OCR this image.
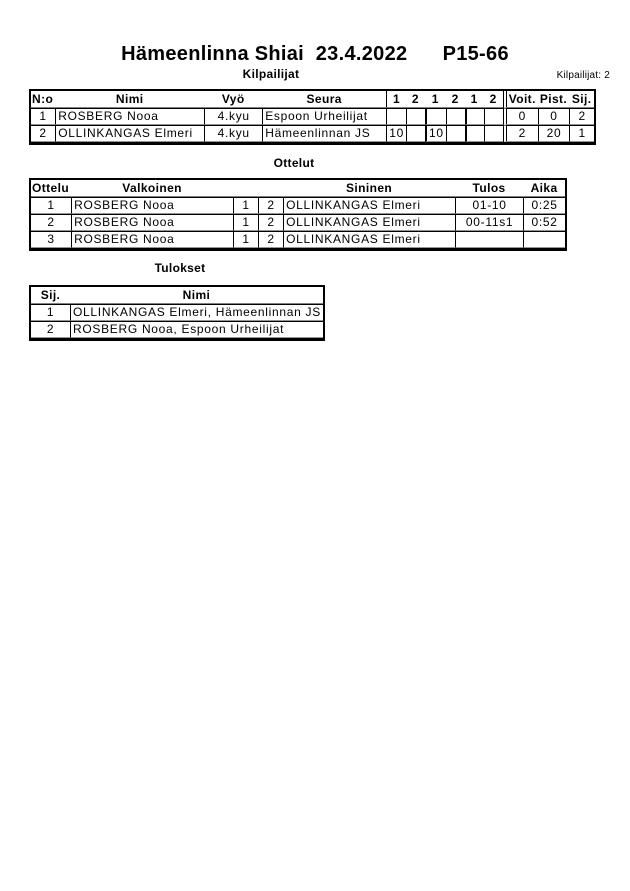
Hämeenlinna Shiai  23.4.2022      P15-66
Kilpailijat	Kilpailijat: 2
N:o	Nimi	Vyö	Seura	1	2	1	2	1	2	Voit.	Pist.	Sij.
1	ROSBERG Nooa	4.kyu	Espoon Urheilijat							0	0	2
2	OLLINKANGAS Elmeri	4.kyu	Hämeenlinnan JS	10		10				2	20	1
Ottelut
Ottelu	Valkoinen			Sininen	Tulos	Aika
1	ROSBERG Nooa	1	2	OLLINKANGAS Elmeri	01-10	0:25
2	ROSBERG Nooa	1	2	OLLINKANGAS Elmeri	00-11s1	0:52
3	ROSBERG Nooa	1	2	OLLINKANGAS Elmeri		
Tulokset
Sij.	Nimi
1	OLLINKANGAS Elmeri, Hämeenlinnan JS
2	ROSBERG Nooa, Espoon Urheilijat
